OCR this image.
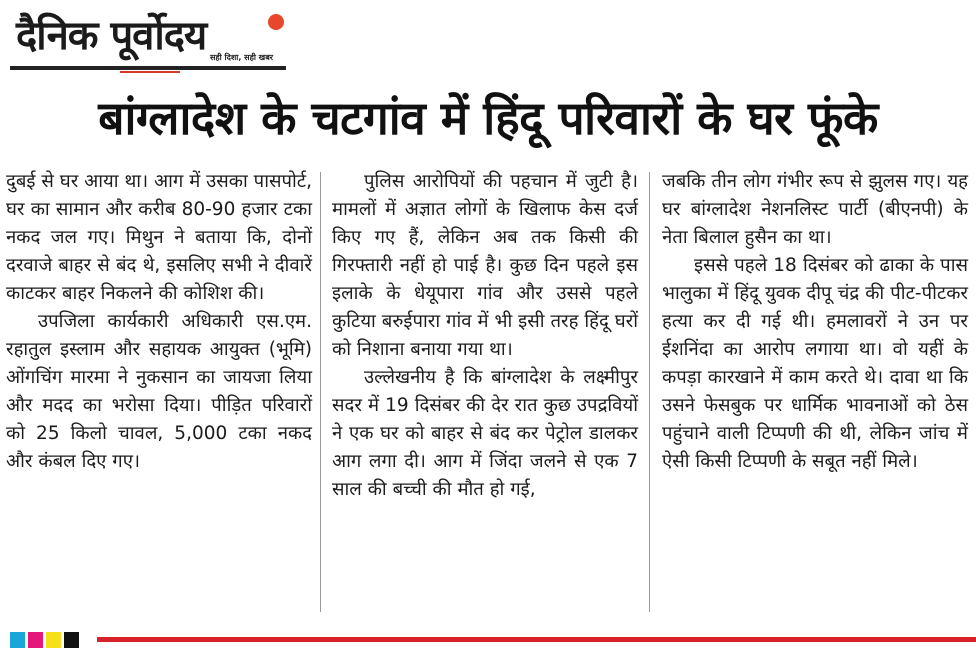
दैनिक पूर्वोदय सही दिशा, सही खबर
बांग्लादेश के चटगांव में हिंदू परिवारों के घर फूंके

दुबई से घर आया था। आग में उसका पासपोर्ट, घर का सामान और करीब 80-90 हजार टका नकद जल गए। मिथुन ने बताया कि, दोनों दरवाजे बाहर से बंद थे, इसलिए सभी ने दीवारें काटकर बाहर निकलने की कोशिश की।

उपजिला कार्यकारी अधिकारी एस.एम. रहातुल इस्लाम और सहायक आयुक्त (भूमि) ओंगचिंग मारमा ने नुकसान का जायजा लिया और मदद का भरोसा दिया। पीड़ित परिवारों को 25 किलो चावल, 5,000 टका नकद और कंबल दिए गए।

पुलिस आरोपियों की पहचान में जुटी है। मामलों में अज्ञात लोगों के खिलाफ केस दर्ज किए गए हैं, लेकिन अब तक किसी की गिरफ्तारी नहीं हो पाई है। कुछ दिन पहले इस इलाके के धेयूपारा गांव और उससे पहले कुटिया बरुईपारा गांव में भी इसी तरह हिंदू घरों को निशाना बनाया गया था।

उल्लेखनीय है कि बांग्लादेश के लक्ष्मीपुर सदर में 19 दिसंबर की देर रात कुछ उपद्रवियों ने एक घर को बाहर से बंद कर पेट्रोल डालकर आग लगा दी। आग में जिंदा जलने से एक 7 साल की बच्ची की मौत हो गई,

जबकि तीन लोग गंभीर रूप से झुलस गए। यह घर बांग्लादेश नेशनलिस्ट पार्टी (बीएनपी) के नेता बिलाल हुसैन का था।

इससे पहले 18 दिसंबर को ढाका के पास भालुका में हिंदू युवक दीपू चंद्र की पीट-पीटकर हत्या कर दी गई थी। हमलावरों ने उन पर ईशनिंदा का आरोप लगाया था। वो यहीं के कपड़ा कारखाने में काम करते थे। दावा था कि उसने फेसबुक पर धार्मिक भावनाओं को ठेस पहुंचाने वाली टिप्पणी की थी, लेकिन जांच में ऐसी किसी टिप्पणी के सबूत नहीं मिले।
